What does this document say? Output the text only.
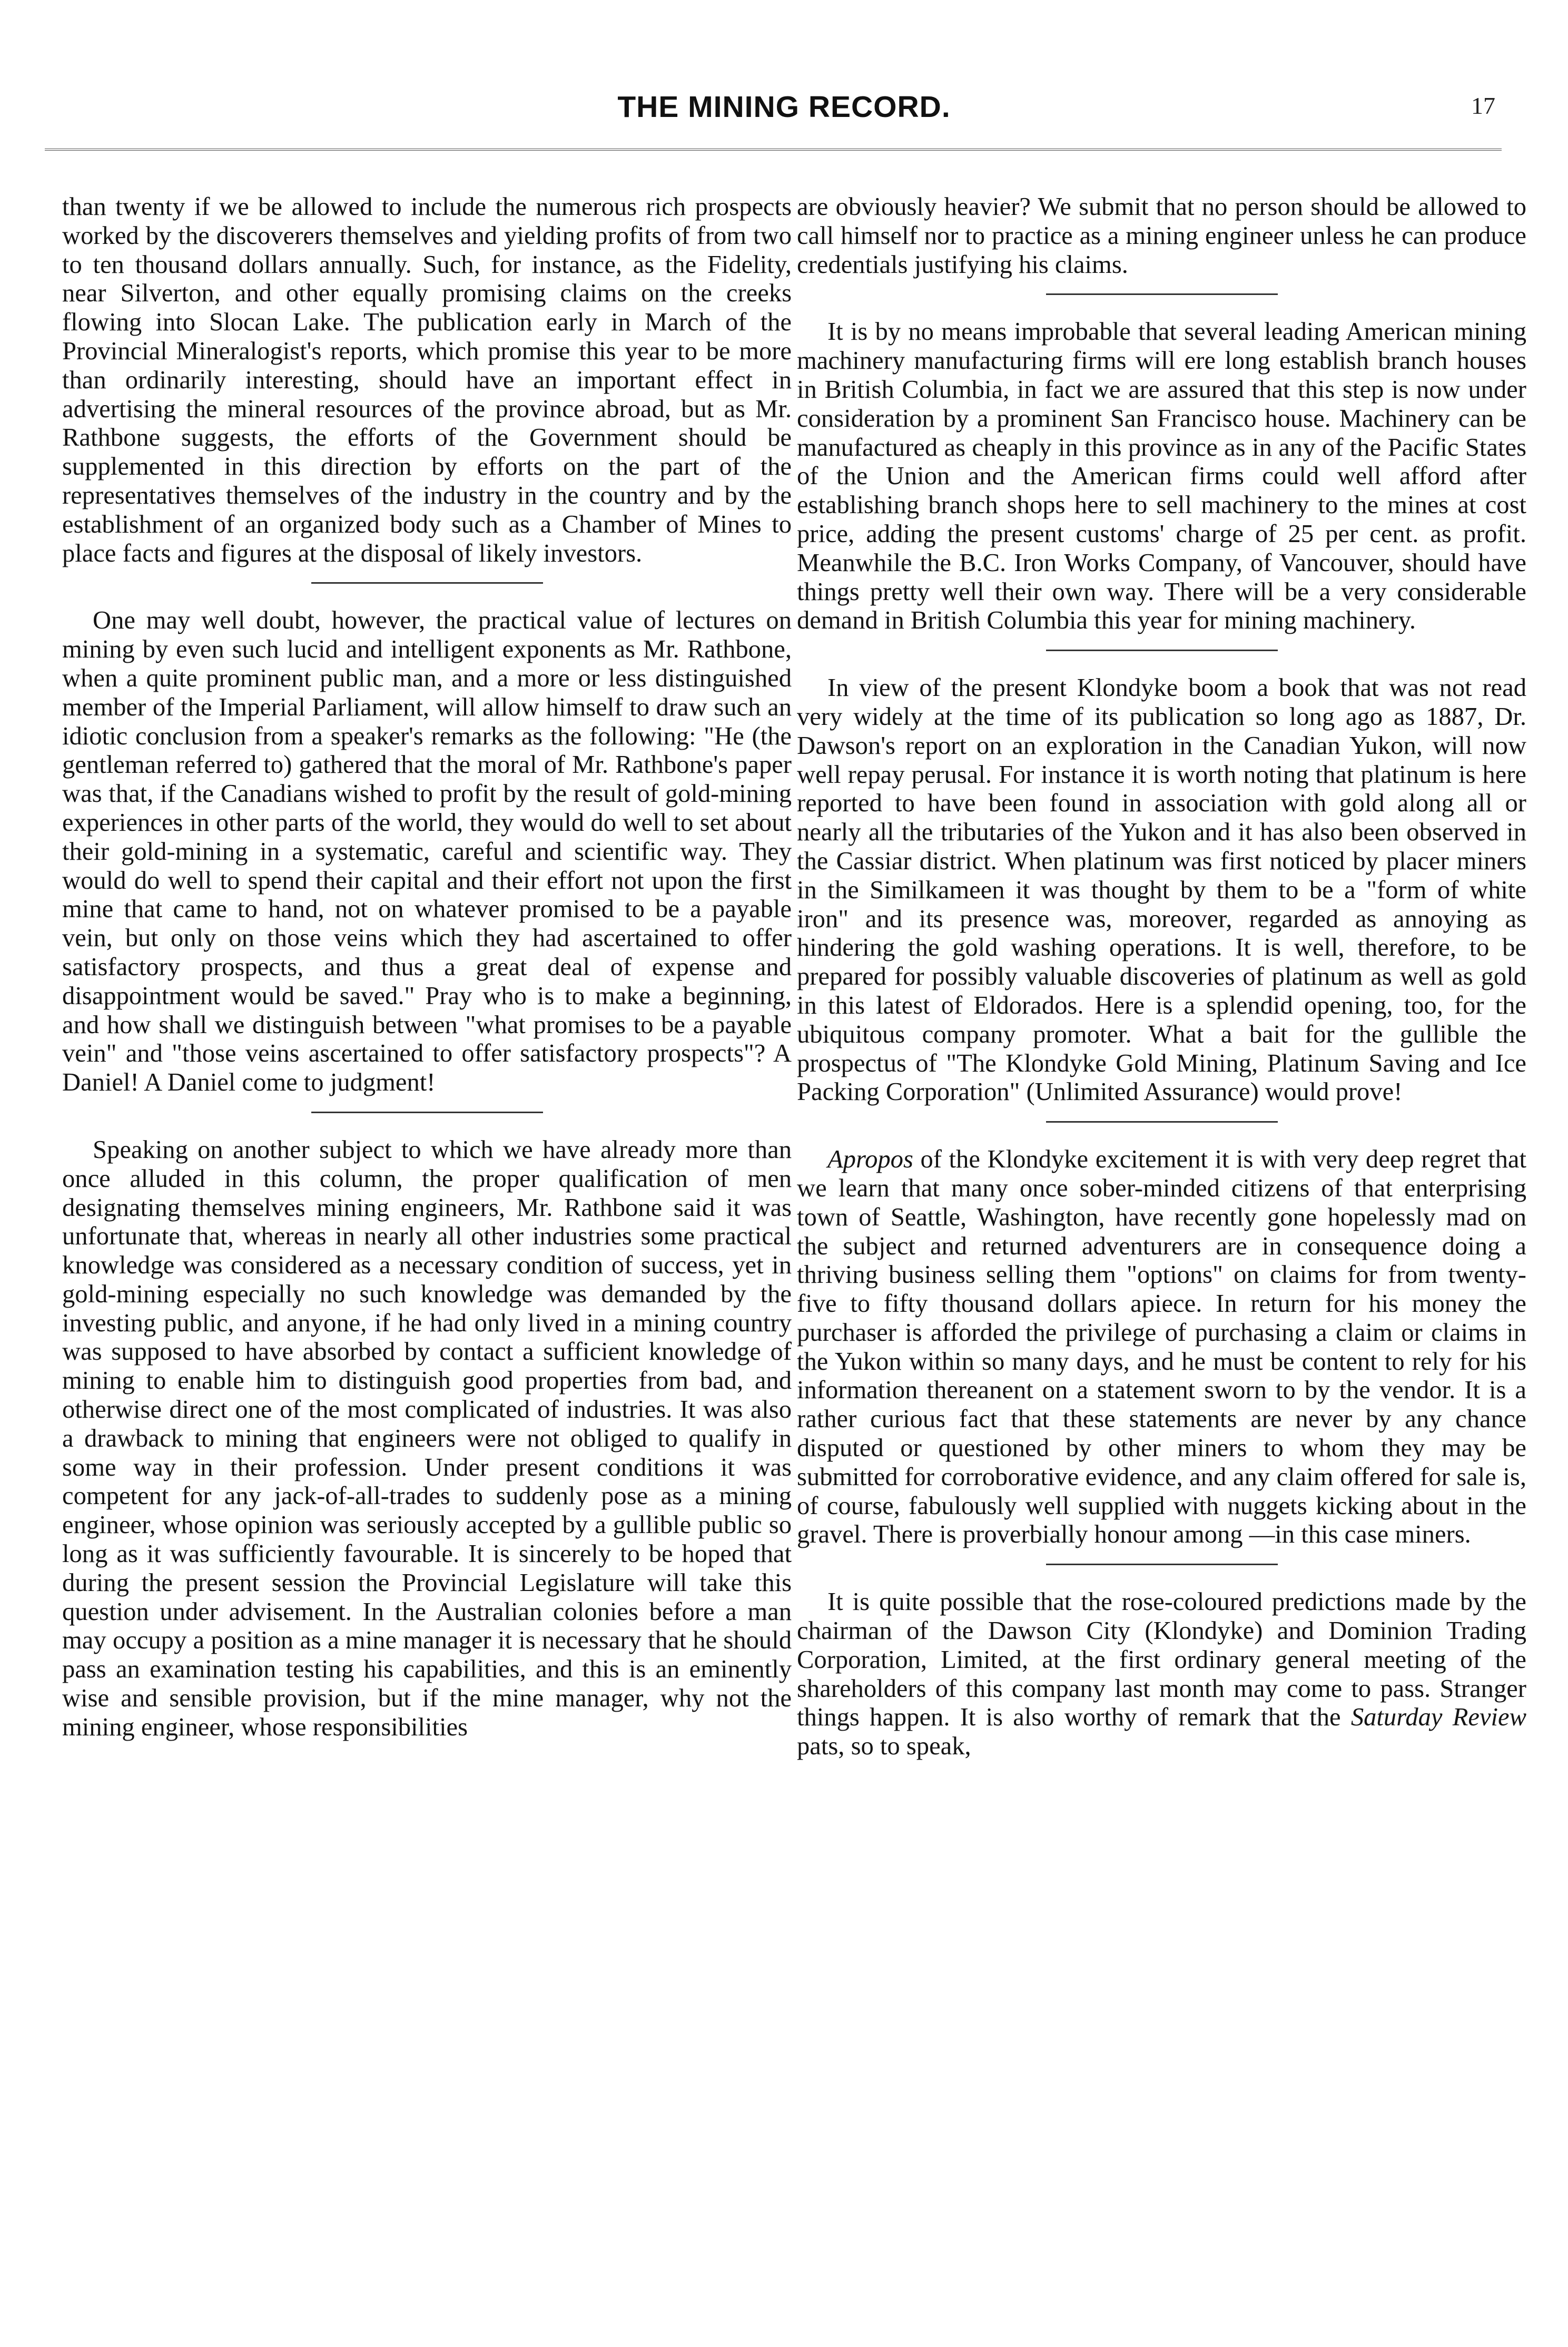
THE MINING RECORD.	17

than twenty if we be allowed to include the numerous rich prospects worked by the discoverers themselves and yielding profits of from two to ten thousand dollars annually. Such, for instance, as the Fidelity, near Silverton, and other equally promising claims on the creeks flowing into Slocan Lake. The publication early in March of the Provincial Mineralogist's reports, which promise this year to be more than ordinarily interesting, should have an important effect in advertising the mineral resources of the province abroad, but as Mr. Rathbone suggests, the efforts of the Government should be supplemented in this direction by efforts on the part of the representatives themselves of the industry in the country and by the establishment of an organized body such as a Chamber of Mines to place facts and figures at the disposal of likely investors.

One may well doubt, however, the practical value of lectures on mining by even such lucid and intelligent exponents as Mr. Rathbone, when a quite prominent public man, and a more or less distinguished member of the Imperial Parliament, will allow himself to draw such an idiotic conclusion from a speaker's remarks as the following: "He (the gentleman referred to) gathered that the moral of Mr. Rathbone's paper was that, if the Canadians wished to profit by the result of gold-mining experiences in other parts of the world, they would do well to set about their gold-mining in a systematic, careful and scientific way. They would do well to spend their capital and their effort not upon the first mine that came to hand, not on whatever promised to be a payable vein, but only on those veins which they had ascertained to offer satisfactory prospects, and thus a great deal of expense and disappointment would be saved." Pray who is to make a beginning, and how shall we distinguish between "what promises to be a payable vein" and "those veins ascertained to offer satisfactory prospects"? A Daniel! A Daniel come to judgment!

Speaking on another subject to which we have already more than once alluded in this column, the proper qualification of men designating themselves mining engineers, Mr. Rathbone said it was unfortunate that, whereas in nearly all other industries some practical knowledge was considered as a necessary condition of success, yet in gold-mining especially no such knowledge was demanded by the investing public, and anyone, if he had only lived in a mining country was supposed to have absorbed by contact a sufficient knowledge of mining to enable him to distinguish good properties from bad, and otherwise direct one of the most complicated of industries. It was also a drawback to mining that engineers were not obliged to qualify in some way in their profession. Under present conditions it was competent for any jack-of-all-trades to suddenly pose as a mining engineer, whose opinion was seriously accepted by a gullible public so long as it was sufficiently favourable. It is sincerely to be hoped that during the present session the Provincial Legislature will take this question under advisement. In the Australian colonies before a man may occupy a position as a mine manager it is necessary that he should pass an examination testing his capabilities, and this is an eminently wise and sensible provision, but if the mine manager, why not the mining engineer, whose responsibilities

are obviously heavier? We submit that no person should be allowed to call himself nor to practice as a mining engineer unless he can produce credentials justifying his claims.

It is by no means improbable that several leading American mining machinery manufacturing firms will ere long establish branch houses in British Columbia, in fact we are assured that this step is now under consideration by a prominent San Francisco house. Machinery can be manufactured as cheaply in this province as in any of the Pacific States of the Union and the American firms could well afford after establishing branch shops here to sell machinery to the mines at cost price, adding the present customs' charge of 25 per cent. as profit. Meanwhile the B.C. Iron Works Company, of Vancouver, should have things pretty well their own way. There will be a very considerable demand in British Columbia this year for mining machinery.

In view of the present Klondyke boom a book that was not read very widely at the time of its publication so long ago as 1887, Dr. Dawson's report on an exploration in the Canadian Yukon, will now well repay perusal. For instance it is worth noting that platinum is here reported to have been found in association with gold along all or nearly all the tributaries of the Yukon and it has also been observed in the Cassiar district. When platinum was first noticed by placer miners in the Similkameen it was thought by them to be a "form of white iron" and its presence was, moreover, regarded as annoying as hindering the gold washing operations. It is well, therefore, to be prepared for possibly valuable discoveries of platinum as well as gold in this latest of Eldorados. Here is a splendid opening, too, for the ubiquitous company promoter. What a bait for the gullible the prospectus of "The Klondyke Gold Mining, Platinum Saving and Ice Packing Corporation" (Unlimited Assurance) would prove!

Apropos of the Klondyke excitement it is with very deep regret that we learn that many once sober-minded citizens of that enterprising town of Seattle, Washington, have recently gone hopelessly mad on the subject and returned adventurers are in consequence doing a thriving business selling them "options" on claims for from twenty-five to fifty thousand dollars apiece. In return for his money the purchaser is afforded the privilege of purchasing a claim or claims in the Yukon within so many days, and he must be content to rely for his information thereanent on a statement sworn to by the vendor. It is a rather curious fact that these statements are never by any chance disputed or questioned by other miners to whom they may be submitted for corroborative evidence, and any claim offered for sale is, of course, fabulously well supplied with nuggets kicking about in the gravel. There is proverbially honour among —in this case miners.

It is quite possible that the rose-coloured predictions made by the chairman of the Dawson City (Klondyke) and Dominion Trading Corporation, Limited, at the first ordinary general meeting of the shareholders of this company last month may come to pass. Stranger things happen. It is also worthy of remark that the Saturday Review pats, so to speak,
